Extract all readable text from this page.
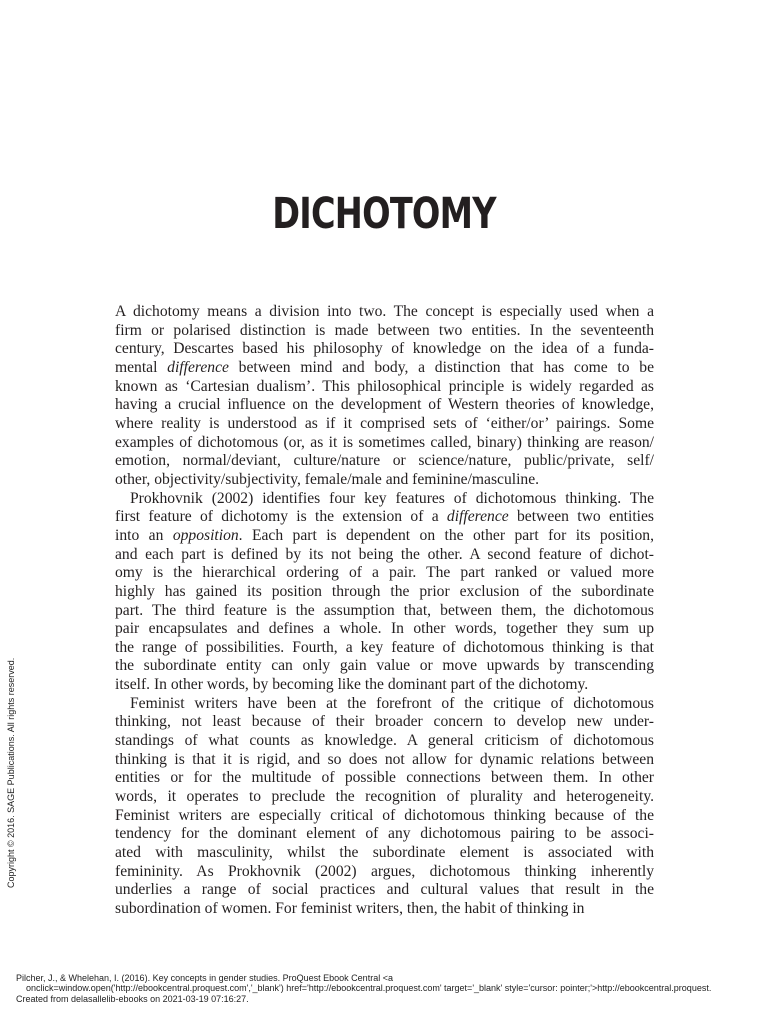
DICHOTOMY
A dichotomy means a division into two. The concept is especially used when a
firm or polarised distinction is made between two entities. In the seventeenth
century, Descartes based his philosophy of knowledge on the idea of a funda-
mental difference between mind and body, a distinction that has come to be
known as ‘Cartesian dualism’. This philosophical principle is widely regarded as
having a crucial influence on the development of Western theories of knowledge,
where reality is understood as if it comprised sets of ‘either/or’ pairings. Some
examples of dichotomous (or, as it is sometimes called, binary) thinking are reason/
emotion, normal/deviant, culture/nature or science/nature, public/private, self/
other, objectivity/subjectivity, female/male and feminine/masculine.
Prokhovnik (2002) identifies four key features of dichotomous thinking. The
first feature of dichotomy is the extension of a difference between two entities
into an opposition. Each part is dependent on the other part for its position,
and each part is defined by its not being the other. A second feature of dichot-
omy is the hierarchical ordering of a pair. The part ranked or valued more
highly has gained its position through the prior exclusion of the subordinate
part. The third feature is the assumption that, between them, the dichotomous
pair encapsulates and defines a whole. In other words, together they sum up
the range of possibilities. Fourth, a key feature of dichotomous thinking is that
the subordinate entity can only gain value or move upwards by transcending
itself. In other words, by becoming like the dominant part of the dichotomy.
Feminist writers have been at the forefront of the critique of dichotomous
thinking, not least because of their broader concern to develop new under-
standings of what counts as knowledge. A general criticism of dichotomous
thinking is that it is rigid, and so does not allow for dynamic relations between
entities or for the multitude of possible connections between them. In other
words, it operates to preclude the recognition of plurality and heterogeneity.
Feminist writers are especially critical of dichotomous thinking because of the
tendency for the dominant element of any dichotomous pairing to be associ-
ated with masculinity, whilst the subordinate element is associated with
femininity. As Prokhovnik (2002) argues, dichotomous thinking inherently
underlies a range of social practices and cultural values that result in the
subordination of women. For feminist writers, then, the habit of thinking in
Copyright © 2016. SAGE Publications. All rights reserved.
Pilcher, J., & Whelehan, I. (2016). Key concepts in gender studies. ProQuest Ebook Central <a
onclick=window.open('http://ebookcentral.proquest.com','_blank') href='http://ebookcentral.proquest.com' target='_blank' style='cursor: pointer;'>http://ebookcentral.proquest.
Created from delasallelib-ebooks on 2021-03-19 07:16:27.
